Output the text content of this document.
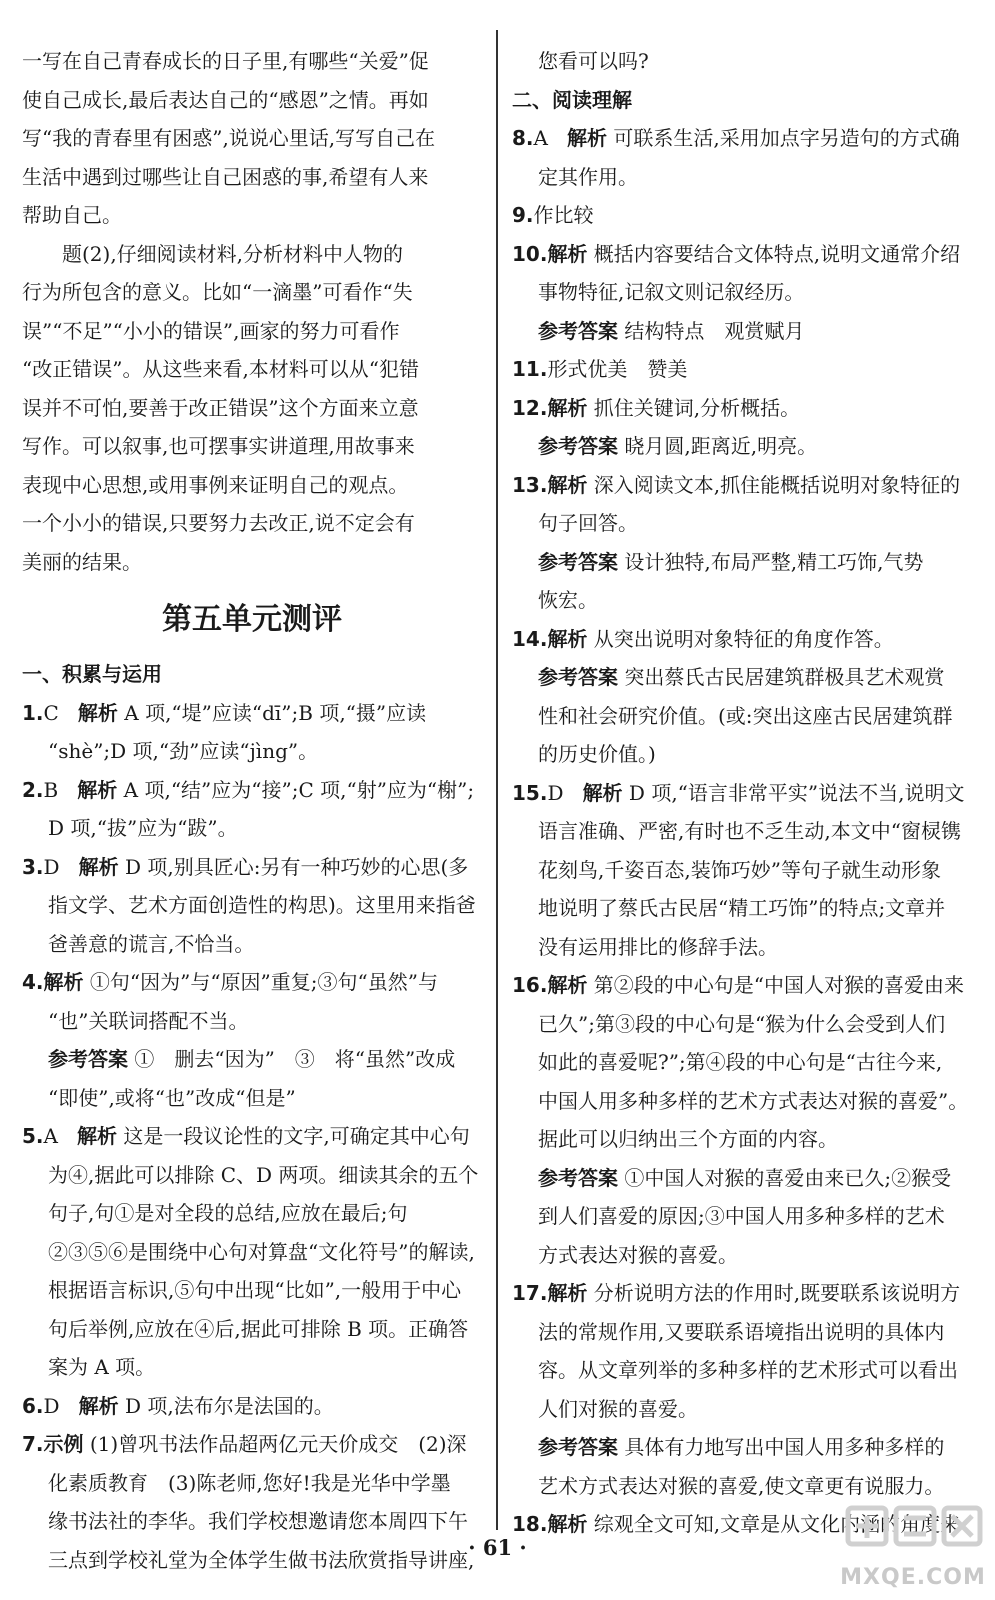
一写在自己青春成长的日子里,有哪些“关爱”促

使自己成长,最后表达自己的“感恩”之情。再如

写“我的青春里有困惑”,说说心里话,写写自己在

生活中遇到过哪些让自己困惑的事,希望有人来

帮助自己。

题(2),仔细阅读材料,分析材料中人物的

行为所包含的意义。比如“一滴墨”可看作“失

误”“不足”“小小的错误”,画家的努力可看作

“改正错误”。从这些来看,本材料可以从“犯错

误并不可怕,要善于改正错误”这个方面来立意

写作。可以叙事,也可摆事实讲道理,用故事来

表现中心思想,或用事例来证明自己的观点。

一个小小的错误,只要努力去改正,说不定会有

美丽的结果。

第五单元测评

一、积累与运用

1.C 解析 A 项,“堤”应读“dī”;B 项,“摄”应读

“shè”;D 项,“劲”应读“jìng”。

2.B 解析 A 项,“结”应为“接”;C 项,“射”应为“榭”;

D 项,“拔”应为“跋”。

3.D 解析 D 项,别具匠心:另有一种巧妙的心思(多

指文学、艺术方面创造性的构思)。这里用来指爸

爸善意的谎言,不恰当。

4.解析 ①句“因为”与“原因”重复;③句“虽然”与

“也”关联词搭配不当。

参考答案 ①　删去“因为”　③　将“虽然”改成

“即使”,或将“也”改成“但是”

5.A 解析 这是一段议论性的文字,可确定其中心句

为④,据此可以排除 C、D 两项。细读其余的五个

句子,句①是对全段的总结,应放在最后;句

②③⑤⑥是围绕中心句对算盘“文化符号”的解读,

根据语言标识,⑤句中出现“比如”,一般用于中心

句后举例,应放在④后,据此可排除 B 项。正确答

案为 A 项。

6.D 解析 D 项,法布尔是法国的。

7.示例 (1)曾巩书法作品超两亿元天价成交　(2)深

化素质教育　(3)陈老师,您好!我是光华中学墨

缘书法社的李华。我们学校想邀请您本周四下午

三点到学校礼堂为全体学生做书法欣赏指导讲座,

您看可以吗?

二、阅读理解

8.A 解析 可联系生活,采用加点字另造句的方式确

定其作用。

9.作比较

10.解析 概括内容要结合文体特点,说明文通常介绍

事物特征,记叙文则记叙经历。

参考答案 结构特点　观赏赋月

11.形式优美　赞美

12.解析 抓住关键词,分析概括。

参考答案 晓月圆,距离近,明亮。

13.解析 深入阅读文本,抓住能概括说明对象特征的

句子回答。

参考答案 设计独特,布局严整,精工巧饰,气势

恢宏。

14.解析 从突出说明对象特征的角度作答。

参考答案 突出蔡氏古民居建筑群极具艺术观赏

性和社会研究价值。(或:突出这座古民居建筑群

的历史价值。)

15.D 解析 D 项,“语言非常平实”说法不当,说明文

语言准确、严密,有时也不乏生动,本文中“窗棂镌

花刻鸟,千姿百态,装饰巧妙”等句子就生动形象

地说明了蔡氏古民居“精工巧饰”的特点;文章并

没有运用排比的修辞手法。

16.解析 第②段的中心句是“中国人对猴的喜爱由来

已久”;第③段的中心句是“猴为什么会受到人们

如此的喜爱呢?”;第④段的中心句是“古往今来,

中国人用多种多样的艺术方式表达对猴的喜爱”。

据此可以归纳出三个方面的内容。

参考答案 ①中国人对猴的喜爱由来已久;②猴受

到人们喜爱的原因;③中国人用多种多样的艺术

方式表达对猴的喜爱。

17.解析 分析说明方法的作用时,既要联系该说明方

法的常规作用,又要联系语境指出说明的具体内

容。从文章列举的多种多样的艺术形式可以看出

人们对猴的喜爱。

参考答案 具体有力地写出中国人用多种多样的

艺术方式表达对猴的喜爱,使文章更有说服力。

18.解析 综观全文可知,文章是从文化内涵的角度来

· 61 ·
MXQE.COM
